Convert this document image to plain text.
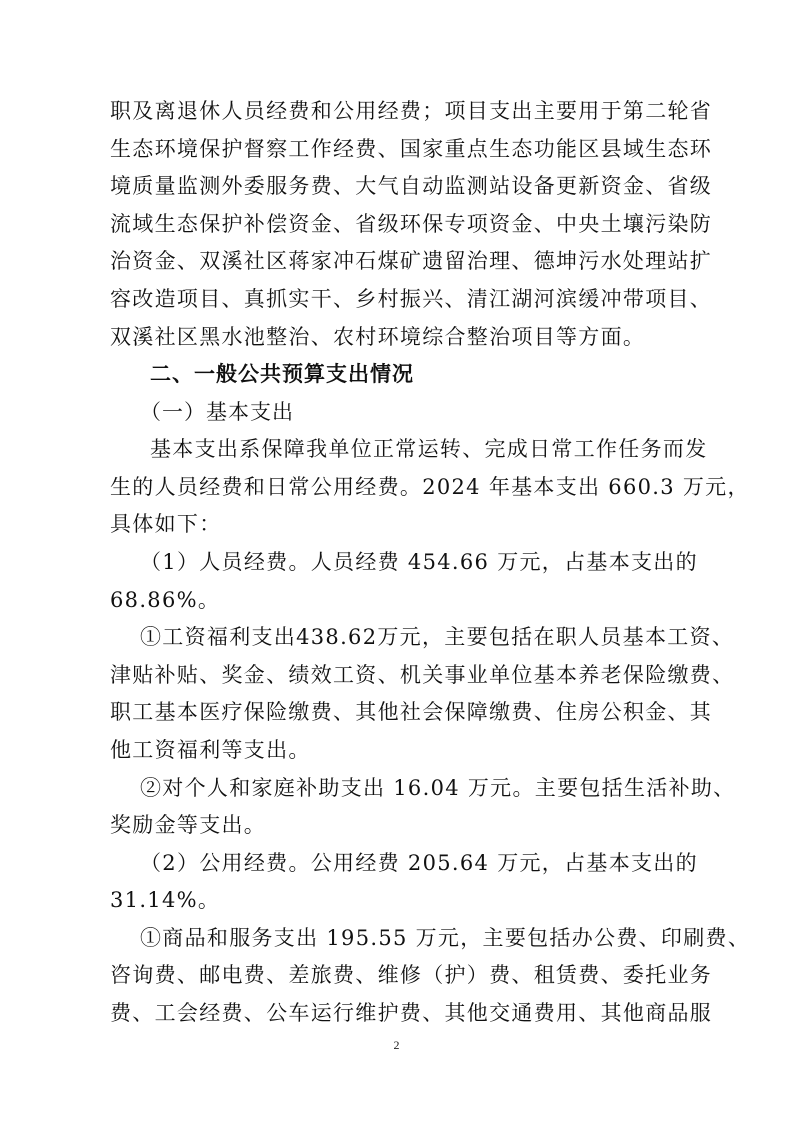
职及离退休人员经费和公用经费；项目支出主要用于第二轮省
生态环境保护督察工作经费、国家重点生态功能区县域生态环
境质量监测外委服务费、大气自动监测站设备更新资金、省级
流域生态保护补偿资金、省级环保专项资金、中央土壤污染防
治资金、双溪社区蒋家冲石煤矿遗留治理、德坤污水处理站扩
容改造项目、真抓实干、乡村振兴、清江湖河滨缓冲带项目、
双溪社区黑水池整治、农村环境综合整治项目等方面。
二、一般公共预算支出情况
（一）基本支出
基本支出系保障我单位正常运转、完成日常工作任务而发
生的人员经费和日常公用经费。2024 年基本支出 660.3 万元，
具体如下：
（1）人员经费。人员经费 454.66 万元，占基本支出的
68.86%。
①工资福利支出438.62万元，主要包括在职人员基本工资、
津贴补贴、奖金、绩效工资、机关事业单位基本养老保险缴费、
职工基本医疗保险缴费、其他社会保障缴费、住房公积金、其
他工资福利等支出。
②对个人和家庭补助支出 16.04 万元。主要包括生活补助、
奖励金等支出。
（2）公用经费。公用经费 205.64 万元，占基本支出的
31.14%。
①商品和服务支出 195.55 万元，主要包括办公费、印刷费、
咨询费、邮电费、差旅费、维修（护）费、租赁费、委托业务
费、工会经费、公车运行维护费、其他交通费用、其他商品服
2
